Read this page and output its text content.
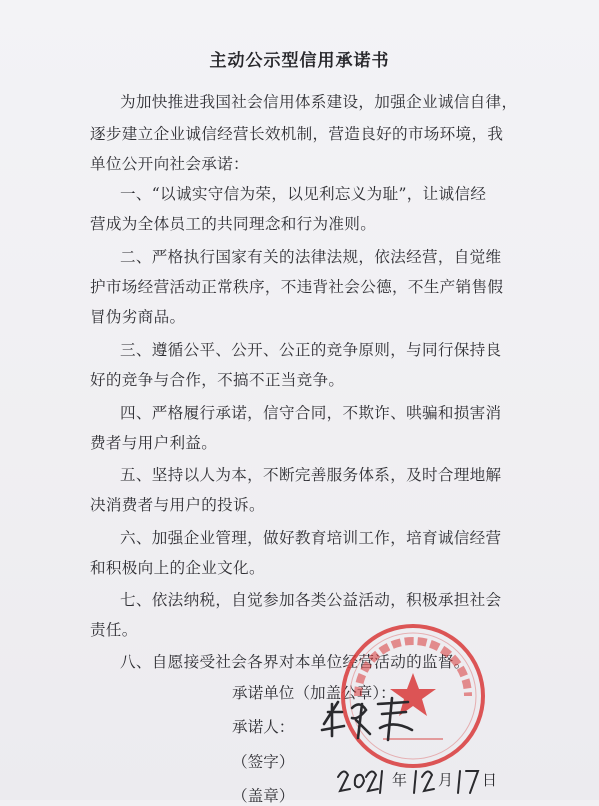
主动公示型信用承诺书
为加快推进我国社会信用体系建设，加强企业诚信自律，
逐步建立企业诚信经营长效机制，营造良好的市场环境，我
单位公开向社会承诺：
一、“以诚实守信为荣，以见利忘义为耻”，让诚信经
营成为全体员工的共同理念和行为准则。
二、严格执行国家有关的法律法规，依法经营，自觉维
护市场经营活动正常秩序，不违背社会公德，不生产销售假
冒伪劣商品。
三、遵循公平、公开、公正的竞争原则，与同行保持良
好的竞争与合作，不搞不正当竞争。
四、严格履行承诺，信守合同，不欺诈、哄骗和损害消
费者与用户利益。
五、坚持以人为本，不断完善服务体系，及时合理地解
决消费者与用户的投诉。
六、加强企业管理，做好教育培训工作，培育诚信经营
和积极向上的企业文化。
七、依法纳税，自觉参加各类公益活动，积极承担社会
责任。
八、自愿接受社会各界对本单位经营活动的监督。
承诺单位（加盖公章）：
承诺人：
（签字）
（盖章）
年 月 日
